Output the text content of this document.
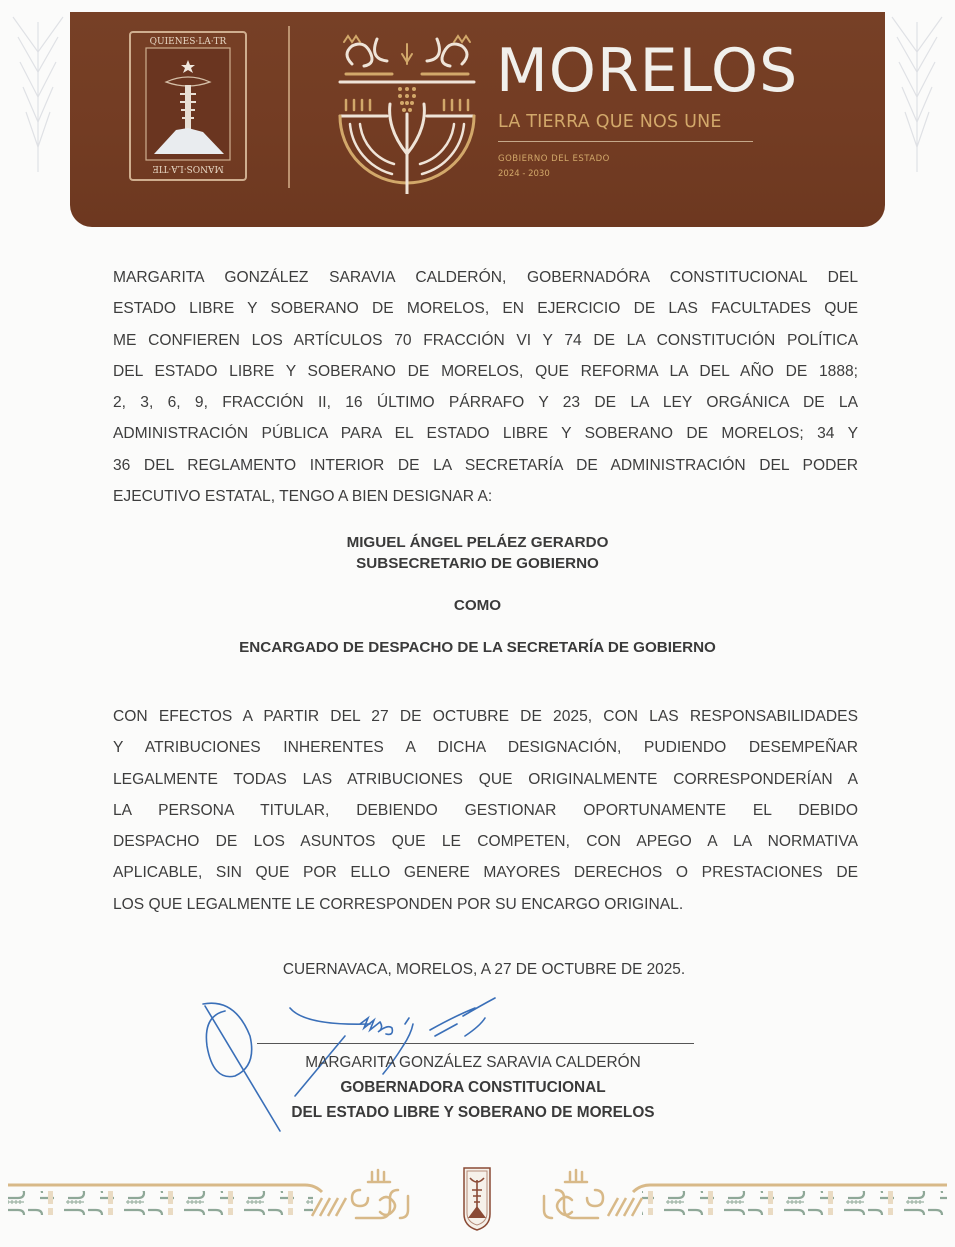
QUIENES·LA·TR
MANOS·LA·TIE
MORELOS
LA TIERRA QUE NOS UNE
GOBIERNO DEL ESTADO
2024 - 2030
MARGARITA GONZÁLEZ SARAVIA CALDERÓN, GOBERNADÓRA CONSTITUCIONAL DEL
ESTADO LIBRE Y SOBERANO DE MORELOS, EN EJERCICIO DE LAS FACULTADES QUE
ME CONFIEREN LOS ARTÍCULOS 70 FRACCIÓN VI Y 74 DE LA CONSTITUCIÓN POLÍTICA
DEL ESTADO LIBRE Y SOBERANO DE MORELOS, QUE REFORMA LA DEL AÑO DE 1888;
2, 3, 6, 9, FRACCIÓN II, 16 ÚLTIMO PÁRRAFO Y 23 DE LA LEY ORGÁNICA DE LA
ADMINISTRACIÓN PÚBLICA PARA EL ESTADO LIBRE Y SOBERANO DE MORELOS; 34 Y
36 DEL REGLAMENTO INTERIOR DE LA SECRETARÍA DE ADMINISTRACIÓN DEL PODER
EJECUTIVO ESTATAL, TENGO A BIEN DESIGNAR A:
MIGUEL ÁNGEL PELÁEZ GERARDO
SUBSECRETARIO DE GOBIERNO
COMO
ENCARGADO DE DESPACHO DE LA SECRETARÍA DE GOBIERNO
CON EFECTOS A PARTIR DEL 27 DE OCTUBRE DE 2025, CON LAS RESPONSABILIDADES
Y ATRIBUCIONES INHERENTES A DICHA DESIGNACIÓN, PUDIENDO DESEMPEÑAR
LEGALMENTE TODAS LAS ATRIBUCIONES QUE ORIGINALMENTE CORRESPONDERÍAN A
LA PERSONA TITULAR, DEBIENDO GESTIONAR OPORTUNAMENTE EL DEBIDO
DESPACHO DE LOS ASUNTOS QUE LE COMPETEN, CON APEGO A LA NORMATIVA
APLICABLE, SIN QUE POR ELLO GENERE MAYORES DERECHOS O PRESTACIONES DE
LOS QUE LEGALMENTE LE CORRESPONDEN POR SU ENCARGO ORIGINAL.
CUERNAVACA, MORELOS, A 27 DE OCTUBRE DE 2025.
MARGARITA GONZÁLEZ SARAVIA CALDERÓN
GOBERNADORA CONSTITUCIONAL
DEL ESTADO LIBRE Y SOBERANO DE MORELOS
